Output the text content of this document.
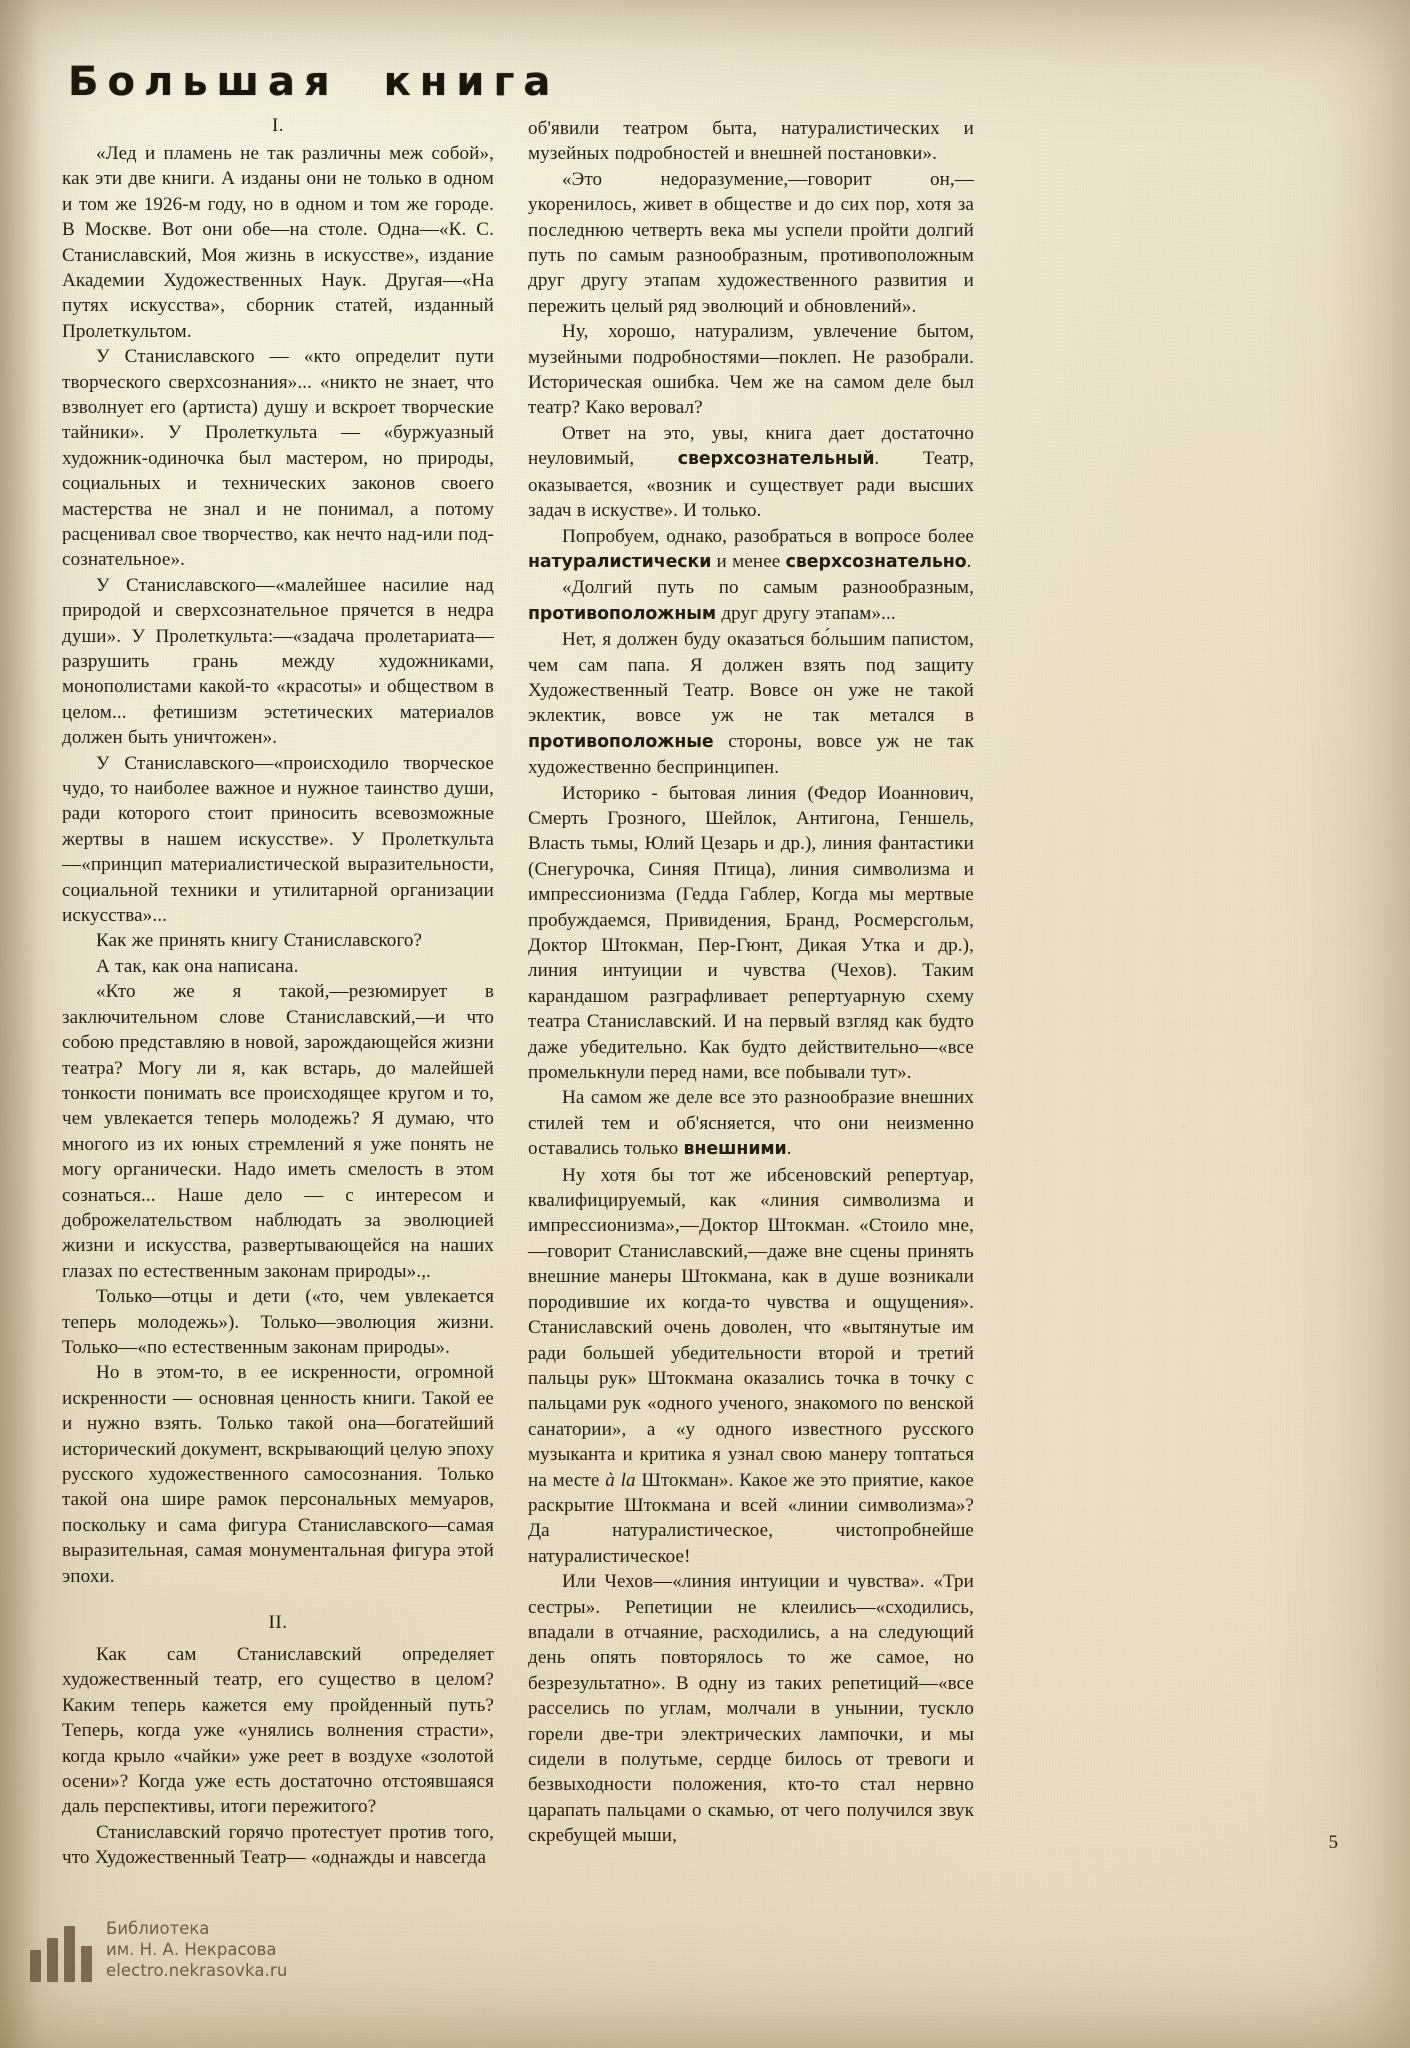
Большая книга
I.

«Лед и пламень не так различны меж собой», как эти две книги. А изданы они не только в одном и том же 1926-м году, но в одном и том же городе. В Москве. Вот они обе—на столе. Одна—«К. С. Станиславский, Моя жизнь в искусстве», издание Академии Художественных Наук. Другая—«На путях искусства», сборник статей, изданный Пролеткультом.

У Станиславского — «кто определит пути творческого сверхсознания»... «никто не знает, что взволнует его (артиста) душу и вскроет творческие тайники». У Пролеткульта — «буржуазный художник-одиночка был мастером, но природы, социальных и технических законов своего мастерства не знал и не понимал, а потому расценивал свое творчество, как нечто над-или под-сознательное».

У Станиславского—«малейшее насилие над природой и сверхсознательное прячется в недра души». У Пролеткульта:—«задача пролетариата—разрушить грань между художниками, монополистами какой-то «красоты» и обществом в целом... фетишизм эстетических материалов должен быть уничтожен».

У Станиславского—«происходило творческое чудо, то наиболее важное и нужное таинство души, ради которого стоит приносить всевозможные жертвы в нашем искусстве». У Пролеткульта—«принцип материалистической выразительности, социальной техники и утилитарной организации искусства»...

Как же принять книгу Станиславского?

А так, как она написана.

«Кто же я такой,—резюмирует в заключительном слове Станиславский,—и что собою представляю в новой, зарождающейся жизни театра? Могу ли я, как встарь, до малейшей тонкости понимать все происходящее кругом и то, чем увлекается теперь молодежь? Я думаю, что многого из их юных стремлений я уже понять не могу органически. Надо иметь смелость в этом сознаться... Наше дело — с интересом и доброжелательством наблюдать за эволюцией жизни и искусства, развертывающейся на наших глазах по естественным законам природы».,.

Только—отцы и дети («то, чем увлекается теперь молодежь»). Только—эволюция жизни. Только—«по естественным законам природы».

Но в этом-то, в ее искренности, огромной искренности — основная ценность книги. Такой ее и нужно взять. Только такой она—богатейший исторический документ, вскрывающий целую эпоху русского художественного самосознания. Только такой она шире рамок персональных мемуаров, поскольку и сама фигура Станиславского—самая выразительная, самая монументальная фигура этой эпохи.

II.

Как сам Станиславский определяет художественный театр, его существо в целом? Каким теперь кажется ему пройденный путь? Теперь, когда уже «унялись волнения страсти», когда крыло «чайки» уже реет в воздухе «золотой осени»? Когда уже есть достаточно отстоявшаяся даль перспективы, итоги пережитого?

Станиславский горячо протестует против того, что Художественный Театр— «однажды и навсегда

об'явили театром быта, натуралистических и музейных подробностей и внешней постановки».

«Это недоразумение,—говорит он,—укоренилось, живет в обществе и до сих пор, хотя за последнюю четверть века мы успели пройти долгий путь по самым разнообразным, противоположным друг другу этапам художественного развития и пережить целый ряд эволюций и обновлений».

Ну, хорошо, натурализм, увлечение бытом, музейными подробностями—поклеп. Не разобрали. Историческая ошибка. Чем же на самом деле был театр? Како веровал?

Ответ на это, увы, книга дает достаточно неуловимый, сверхсознательный. Театр, оказывается, «возник и существует ради высших задач в искустве». И только.

Попробуем, однако, разобраться в вопросе более натуралистически и менее сверхсознательно.

«Долгий путь по самым разнообразным, противоположным друг другу этапам»...

Нет, я должен буду оказаться бо́льшим папистом, чем сам папа. Я должен взять под защиту Художественный Театр. Вовсе он уже не такой эклектик, вовсе уж не так метался в противоположные стороны, вовсе уж не так художественно беспринципен.

Историко - бытовая линия (Федор Иоаннович, Смерть Грозного, Шейлок, Антигона, Геншель, Власть тьмы, Юлий Цезарь и др.), линия фантастики (Снегурочка, Синяя Птица), линия символизма и импрессионизма (Гедда Габлер, Когда мы мертвые пробуждаемся, Привидения, Бранд, Росмерсгольм, Доктор Штокман, Пер-Гюнт, Дикая Утка и др.), линия интуиции и чувства (Чехов). Таким карандашом разграфливает репертуарную схему театра Станиславский. И на первый взгляд как будто даже убедительно. Как будто действительно—«все промелькнули перед нами, все побывали тут».

На самом же деле все это разнообразие внешних стилей тем и об'ясняется, что они неизменно оставались только внешними.

Ну хотя бы тот же ибсеновский репертуар, квалифицируемый, как «линия символизма и импрессионизма»,—Доктор Штокман. «Стоило мне,—говорит Станиславский,—даже вне сцены принять внешние манеры Штокмана, как в душе возникали породившие их когда-то чувства и ощущения». Станиславский очень доволен, что «вытянутые им ради большей убедительности второй и третий пальцы рук» Штокмана оказались точка в точку с пальцами рук «одного ученого, знакомого по венской санатории», а «у одного известного русского музыканта и критика я узнал свою манеру топтаться на месте à la Штокман». Какое же это приятие, какое раскрытие Штокмана и всей «линии символизма»? Да натуралистическое, чистопробнейше натуралистическое!

Или Чехов—«линия интуиции и чувства». «Три сестры». Репетиции не клеились—«сходились, впадали в отчаяние, расходились, а на следующий день опять повторялось то же самое, но безрезультатно». В одну из таких репетиций—«все расселись по углам, молчали в унынии, тускло горели две-три электрических лампочки, и мы сидели в полутьме, сердце билось от тревоги и безвыходности положения, кто-то стал нервно царапать пальцами о скамью, от чего получился звук скребущей мыши,	5
Библиотека
им. Н. А. Некрасова
electro.nekrasovka.ru
